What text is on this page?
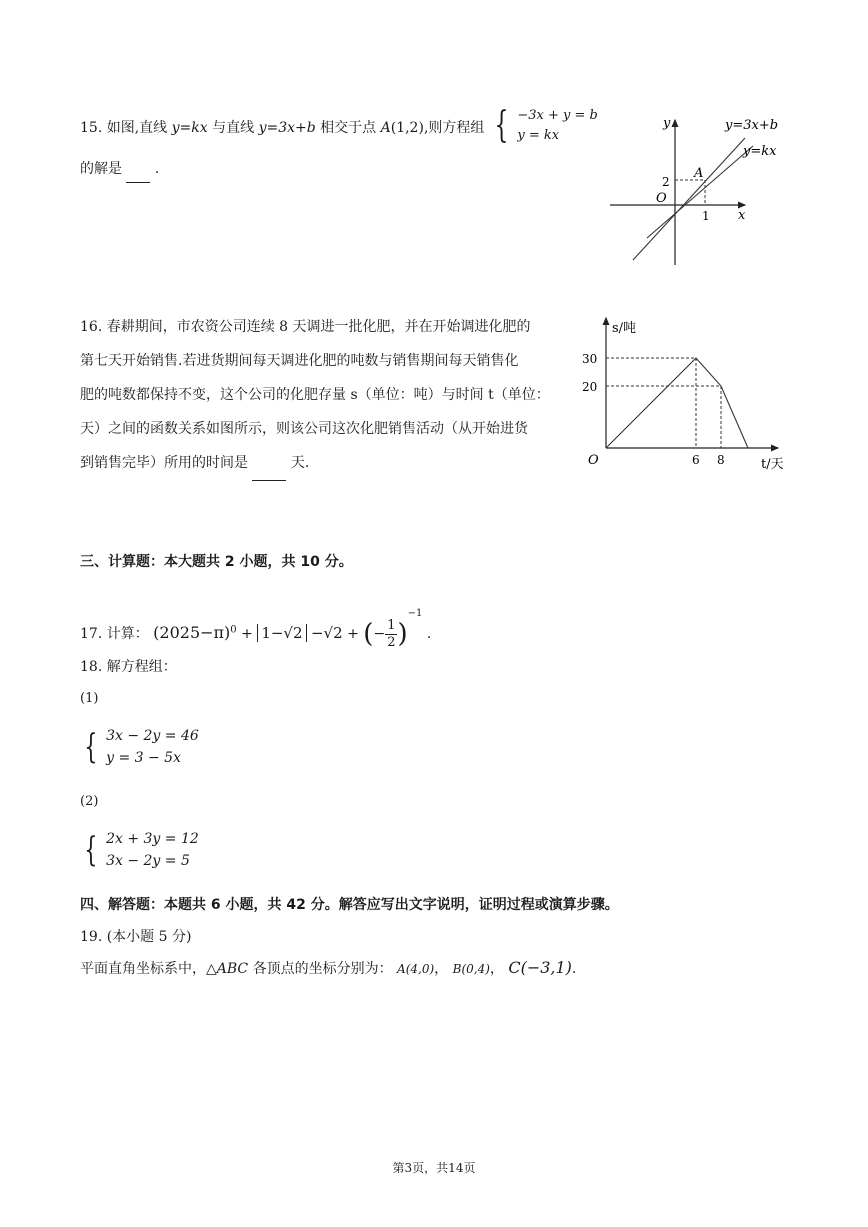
15. 如图,直线 y=kx 与直线 y=3x+b 相交于点 A(1,2),则方程组 { −3x + y = b
y = kx
的解是 .
y
x
O
A
2
1
y=3x+b
y=kx
16. 春耕期间，市农资公司连续 8 天调进一批化肥，并在开始调进化肥的
第七天开始销售.若进货期间每天调进化肥的吨数与销售期间每天销售化
肥的吨数都保持不变，这个公司的化肥存量 s（单位：吨）与时间 t（单位：
天）之间的函数关系如图所示，则该公司这次化肥销售活动（从开始进货
到销售完毕）所用的时间是	天.
s/吨
t/天
O
30
20
6 8
三、计算题：本大题共 2 小题，共 10 分。
17. 计算： $(2025-\pi)^0 + 1-√2 -√2$ + (− $\frac{1}{2} )^{-1}$ .
18. 解方程组：
(1)
{ 3x − 2y = 46
y = 3 − 5x
(2)
{ 2x + 3y = 12
3x − 2y = 5
四、解答题：本题共 6 小题，共 42 分。解答应写出文字说明，证明过程或演算步骤。
19. (本小题 5 分)
平面直角坐标系中，△ABC 各顶点的坐标分别为： A(4,0)， B(0,4)， C(−3,1).
第3页，共14页
